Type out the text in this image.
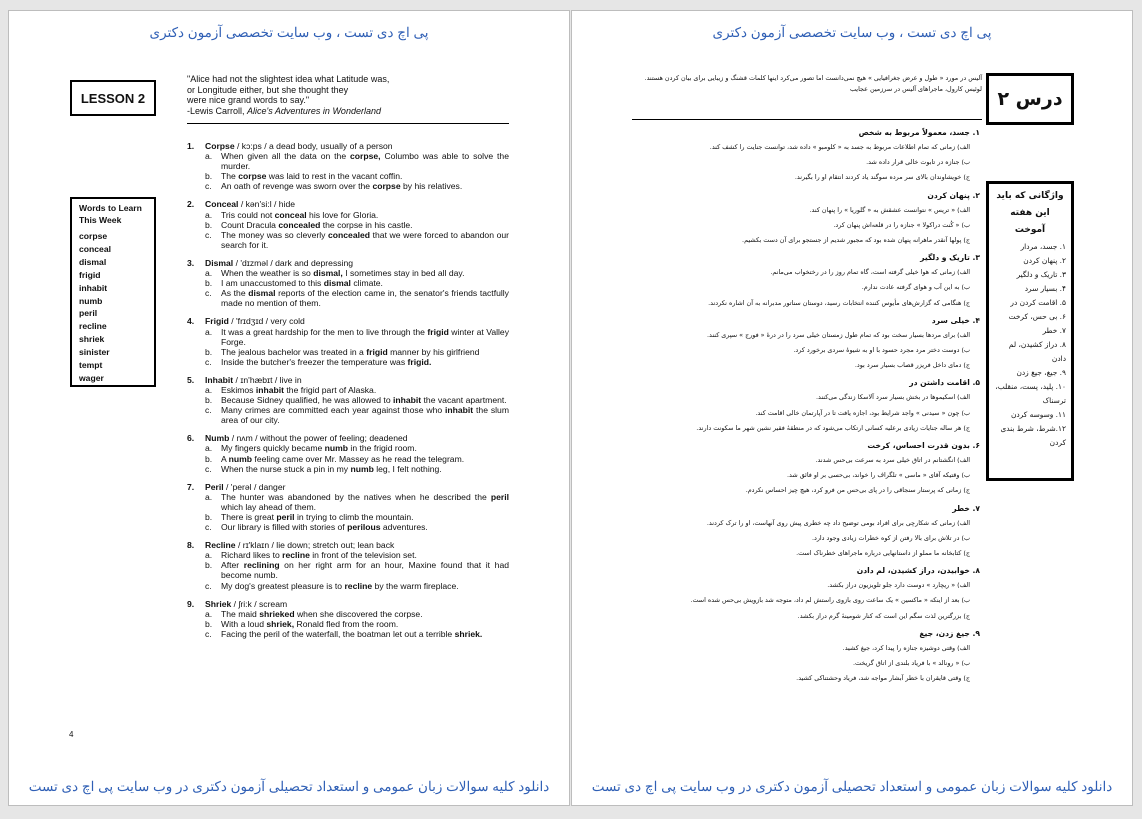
پی اچ دی تست ، وب سایت تخصصی آزمون دکتری
LESSON 2
"Alice had not the slightest idea what Latitude was,
or Longitude either, but she thought they
were nice grand words to say."
-Lewis Carroll, Alice's Adventures in Wonderland
Words to Learn This Week
corpse
conceal
dismal
frigid
inhabit
numb
peril
recline
shriek
sinister
tempt
wager
1.	Corpse / kɔ:ps / a dead body, usually of a person
a.	When given all the data on the corpse, Columbo was able to solve the murder.
b.	The corpse was laid to rest in the vacant coffin.
c.	An oath of revenge was sworn over the corpse by his relatives.
2.	Conceal / kən'si:l / hide
a.	Tris could not conceal his love for Gloria.
b.	Count Dracula concealed the corpse in his castle.
c.	The money was so cleverly concealed that we were forced to abandon our search for it.
3.	Dismal / 'dɪzməl / dark and depressing
a.	When the weather is so dismal, I sometimes stay in bed all day.
b.	I am unaccustomed to this dismal climate.
c.	As the dismal reports of the election came in, the senator's friends tactfully made no mention of them.
4.	Frigid / 'frɪdʒɪd / very cold
a.	It was a great hardship for the men to live through the frigid winter at Valley Forge.
b.	The jealous bachelor was treated in a frigid manner by his girlfriend
c.	Inside the butcher's freezer the temperature was frigid.
5.	Inhabit / ɪn'hæbɪt / live in
a.	Eskimos inhabit the frigid part of Alaska.
b.	Because Sidney qualified, he was allowed to inhabit the vacant apartment.
c.	Many crimes are committed each year against those who inhabit the slum area of our city.
6.	Numb / nʌm / without the power of feeling; deadened
a.	My fingers quickly became numb in the frigid room.
b.	A numb feeling came over Mr. Massey as he read the telegram.
c.	When the nurse stuck a pin in my numb leg, I felt nothing.
7.	Peril / 'perəl / danger
a.	The hunter was abandoned by the natives when he described the peril which lay ahead of them.
b.	There is great peril in trying to climb the mountain.
c.	Our library is filled with stories of perilous adventures.
8.	Recline / rɪ'klaɪn / lie down; stretch out; lean back
a.	Richard likes to recline in front of the television set.
b.	After reclining on her right arm for an hour, Maxine found that it had become numb.
c.	My dog's greatest pleasure is to recline by the warm fireplace.
9.	Shriek / ʃri:k / scream
a.	The maid shrieked when she discovered the corpse.
b.	With a loud shriek, Ronald fled from the room.
c.	Facing the peril of the waterfall, the boatman let out a terrible shriek.
4
دانلود کلیه سوالات زبان عمومی و استعداد تحصیلی آزمون دکتری در وب سایت پی اچ دی تست
پی اچ دی تست ، وب سایت تخصصی آزمون دکتری
درس ۲
آلیس در مورد « طول و عرض جغرافیایی » هیچ نمی‌دانست اما تصور می‌کرد اینها کلمات قشنگ و زیبایی برای بیان کردن هستند.
لوئیس کارول، ماجراهای آلیس در سرزمین عجایب
۱. جسد، معمولاً مربوط به شخص
الف) زمانی که تمام اطلاعات مربوط به جسد به « کلومبو » داده شد، توانست جنایت را کشف کند.
ب) جنازه در تابوت خالی قرار داده شد.
ج) خویشاوندان بالای سر مرده سوگند یاد کردند انتقام او را بگیرند.
۲. پنهان کردن
الف) « تریس » نتوانست عشقش به « گلوریا » را پنهان کند.
ب) « کُنت دراکولا » جنازه را در قلعه‌اش پنهان کرد.
ج) پولها آنقدر ماهرانه پنهان شده بود که مجبور شدیم از جستجو برای آن دست بکشیم.
۳. تاریک و دلگیر
الف) زمانی که هوا خیلی گرفته است، گاه تمام روز را در رختخواب می‌مانم.
ب) به این آب و هوای گرفته عادت ندارم.
ج) هنگامی که گزارش‌های مأیوس کننده انتخابات رسید، دوستان سناتور مدبرانه به آن اشاره نکردند.
۴. خیلی سرد
الف) برای مردها بسیار سخت بود که تمام طول زمستان خیلی سرد را در درهٔ « فورج » سپری کنند.
ب) دوست دختر مرد مجرد حسود با او به شیوهٔ سردی برخورد کرد.
ج) دمای داخل فریزر قصاب بسیار سرد بود.
۵. اقامت داشتن در
الف) اسکیموها در بخش بسیار سرد آلاسکا زندگی می‌کنند.
ب) چون « سیدنی » واجد شرایط بود، اجازه یافت تا در آپارتمان خالی اقامت کند.
ج) هر ساله جنایات زیادی برعلیه کسانی ارتکاب می‌شود که در منطقهٔ فقیر نشین شهر ما سکونت دارند.
۶. بدون قدرت احساس، کرخت
الف) انگشتانم در اتاق خیلی سرد به سرعت بی‌حس شدند.
ب) وقتیکه آقای « ماسی » تلگراف را خواند، بی‌حسی بر او فائق شد.
ج) زمانی که پرستار سنجاقی را در پای بی‌حس من فرو کرد، هیچ چیز احساس نکردم.
۷. خطر
الف) زمانی که شکارچی برای افراد بومی توضیح داد چه خطری پیش روی آنهاست، او را ترک کردند.
ب) در تلاش برای بالا رفتن از کوه خطرات زیادی وجود دارد.
ج) کتابخانه ما مملو از داستانهایی درباره ماجراهای خطرناک است.
۸. خوابیدن، دراز کشیدن، لم دادن
الف) « ریچارد » دوست دارد جلو تلویزیون دراز بکشد.
ب) بعد از اینکه « ماکسین » یک ساعت روی بازوی راستش لم داد، متوجه شد بازویش بی‌حس شده است.
ج) بزرگترین لذت سگم این است که کنار شومینهٔ گرم دراز بکشد.
۹. جیغ زدن، جیغ
الف) وقتی دوشیزه جنازه را پیدا کرد، جیغ کشید.
ب) « رونالد » با فریاد بلندی از اتاق گریخت.
ج) وقتی قایقران با خطر آبشار مواجه شد، فریاد وحشتناکی کشید.
واژگانی که باید این هفته آموخت
۱. جسد، مردار
۲. پنهان کردن
۳. تاریک و دلگیر
۴. بسیار سرد
۵. اقامت کردن در
۶. بی حس، کرخت
۷. خطر
۸. دراز کشیدن، لم دادن
۹. جیغ، جیغ زدن
۱۰. پلید، پست، منقلب، ترسناک
۱۱. وسوسه کردن
۱۲.شرط، شرط بندی کردن
دانلود کلیه سوالات زبان عمومی و استعداد تحصیلی آزمون دکتری در وب سایت پی اچ دی تست
